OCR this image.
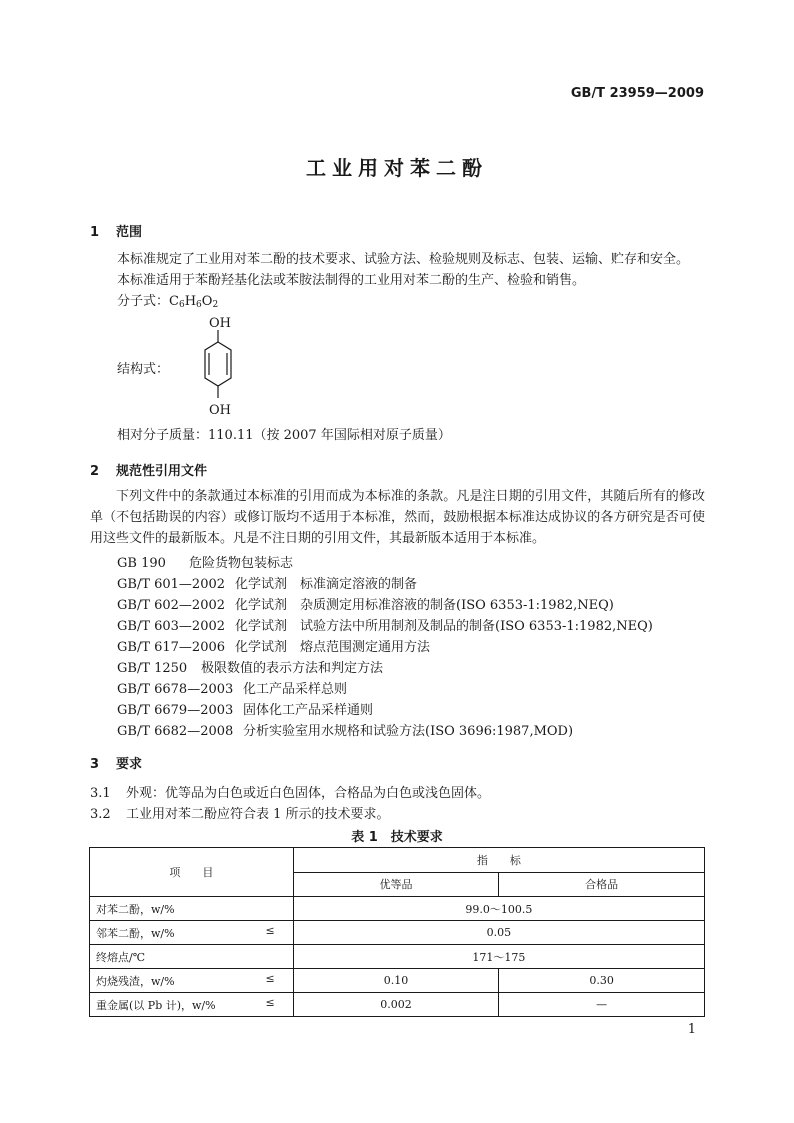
GB/T 23959—2009
工业用对苯二酚
1 范围
本标准规定了工业用对苯二酚的技术要求、试验方法、检验规则及标志、包装、运输、贮存和安全。
本标准适用于苯酚羟基化法或苯胺法制得的工业用对苯二酚的生产、检验和销售。
分子式：$C_6H_6O_2$
结构式：
OH
OH
相对分子质量：110.11（按 2007 年国际相对原子质量）
2 规范性引用文件
下列文件中的条款通过本标准的引用而成为本标准的条款。凡是注日期的引用文件，其随后所有的修改单（不包括勘误的内容）或修订版均不适用于本标准，然而，鼓励根据本标准达成协议的各方研究是否可使用这些文件的最新版本。凡是不注日期的引用文件，其最新版本适用于本标准。
GB 190 危险货物包装标志
GB/T 601—2002 化学试剂　标准滴定溶液的制备
GB/T 602—2002 化学试剂　杂质测定用标准溶液的制备(ISO 6353-1:1982,NEQ)
GB/T 603—2002 化学试剂　试验方法中所用制剂及制品的制备(ISO 6353-1:1982,NEQ)
GB/T 617—2006 化学试剂　熔点范围测定通用方法
GB/T 1250 极限数值的表示方法和判定方法
GB/T 6678—2003 化工产品采样总则
GB/T 6679—2003 固体化工产品采样通则
GB/T 6682—2008 分析实验室用水规格和试验方法(ISO 3696:1987,MOD)
3 要求
3.1 外观：优等品为白色或近白色固体，合格品为白色或浅色固体。
3.2 工业用对苯二酚应符合表 1 所示的技术要求。
表 1　技术要求
项　　目	指　　标	
	优等品	合格品
对苯二酚，w/%	99.0～100.5	
邻苯二酚，w/% ≤	0.05	
终熔点/℃	171～175	
灼烧残渣，w/% ≤	0.10	0.30
重金属(以 Pb 计)，w/% ≤	0.002	—
1
